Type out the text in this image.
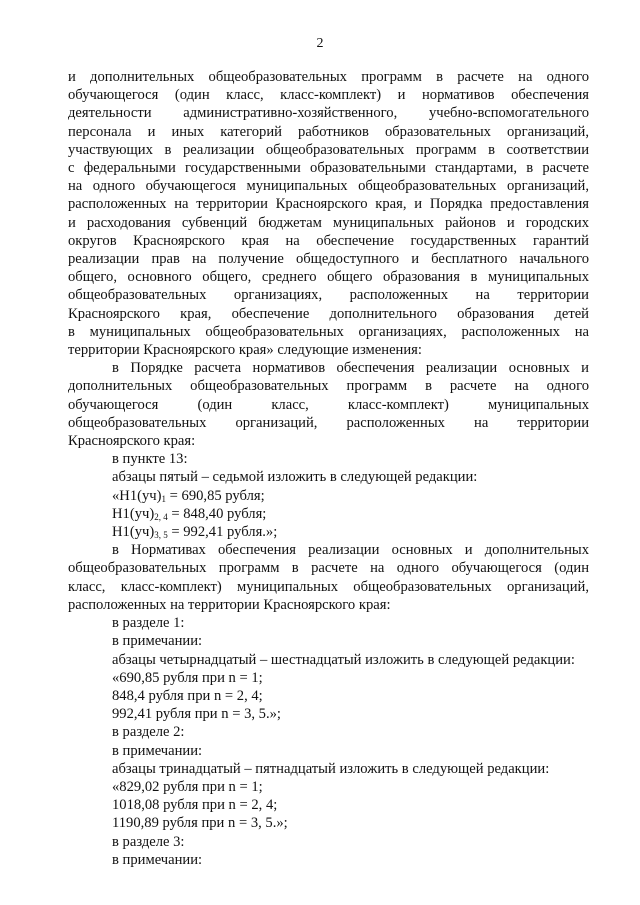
2

и дополнительных общеобразовательных программ в расчете на одного

обучающегося (один класс, класс-комплект) и нормативов обеспечения

деятельности административно-хозяйственного, учебно-вспомогательного

персонала и иных категорий работников образовательных организаций,

участвующих в реализации общеобразовательных программ в соответствии

с федеральными государственными образовательными стандартами, в расчете

на одного обучающегося муниципальных общеобразовательных организаций,

расположенных на территории Красноярского края, и Порядка предоставления

и расходования субвенций бюджетам муниципальных районов и городских

округов Красноярского края на обеспечение государственных гарантий

реализации прав на получение общедоступного и бесплатного начального

общего, основного общего, среднего общего образования в муниципальных

общеобразовательных организациях, расположенных на территории

Красноярского края, обеспечение дополнительного образования детей

в муниципальных общеобразовательных организациях, расположенных на

территории Красноярского края» следующие изменения:

в Порядке расчета нормативов обеспечения реализации основных и

дополнительных общеобразовательных программ в расчете на одного

обучающегося (один класс, класс-комплект) муниципальных

общеобразовательных организаций, расположенных на территории

Красноярского края:

в пункте 13:

абзацы пятый – седьмой изложить в следующей редакции:

«$Н1(уч)_1 = 690,85$ рубля;

$Н1(уч)_{2, 4} = 848,40$ рубля;

$Н1(уч)_{3, 5} = 992,41$ рубля.»;

в Нормативах обеспечения реализации основных и дополнительных

общеобразовательных программ в расчете на одного обучающегося (один

класс, класс-комплект) муниципальных общеобразовательных организаций,

расположенных на территории Красноярского края:

в разделе 1:

в примечании:

абзацы четырнадцатый – шестнадцатый изложить в следующей редакции:

«690,85 рубля при n = 1;

848,4 рубля при n = 2, 4;

992,41 рубля при n = 3, 5.»;

в разделе 2:

в примечании:

абзацы тринадцатый – пятнадцатый изложить в следующей редакции:

«829,02 рубля при n = 1;

1018,08 рубля при n = 2, 4;

1190,89 рубля при n = 3, 5.»;

в разделе 3:

в примечании:
